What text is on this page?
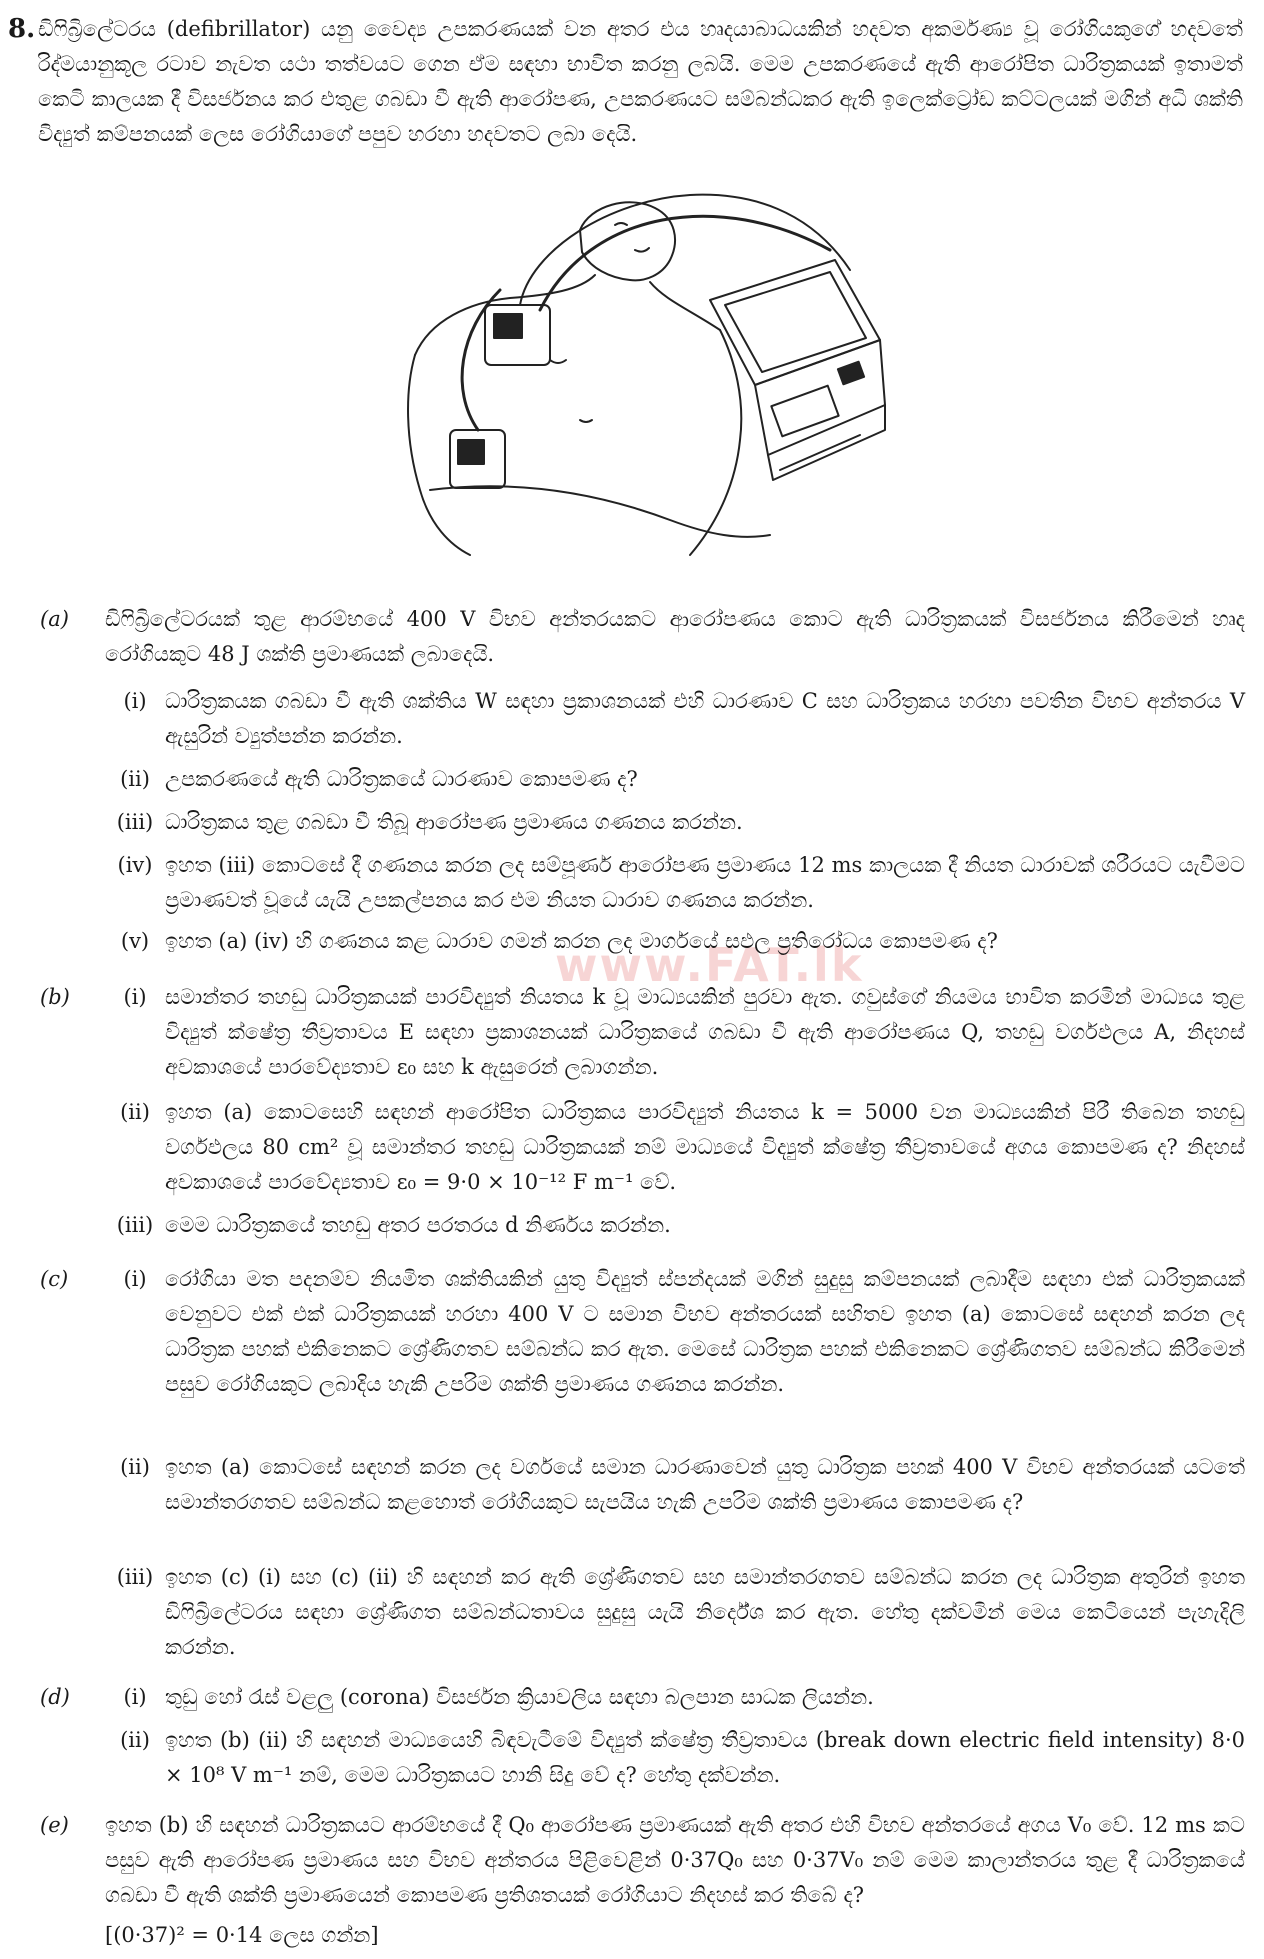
8. ඩිෆිබ්‍රිලේටරය (defibrillator) යනු වෛද්‍ය උපකරණයක් වන අතර එය හෘදයාබාධයකින් හදවත අකර්මණ්‍ය වූ රෝගියකුගේ හදවතේ රිද්මයානුකූල රටාව නැවත යථා තත්වයට ගෙන ඒම සඳහා භාවිත කරනු ලබයි. මෙම උපකරණයේ ඇති ආරෝපිත ධාරිත්‍රකයක් ඉතාමත් කෙටි කාලයක දී විසර්ජනය කර එතුළ ගබඩා වී ඇති ආරෝපණ, උපකරණයට සම්බන්ධකර ඇති ඉලෙක්ට්‍රෝඩ කට්ටලයක් මගින් අධි ශක්ති විද්‍යුත් කම්පනයක් ලෙස රෝගියාගේ පපුව හරහා හදවතට ලබා දෙයි.
www.FAT.lk
(a) ඩිෆිබ්‍රිලේටරයක් තුළ ආරම්භයේ 400 V විභව අන්තරයකට ආරෝපණය කොට ඇති ධාරිත්‍රකයක් විසර්ජනය කිරීමෙන් හෘද රෝගියකුට 48 J ශක්ති ප්‍රමාණයක් ලබාදෙයි.
(i) ධාරිත්‍රකයක ගබඩා වී ඇති ශක්තිය W සඳහා ප්‍රකාශනයක් එහි ධාරණාව C සහ ධාරිත්‍රකය හරහා පවතින විභව අන්තරය V ඇසුරින් ව්‍යුත්පන්න කරන්න.
(ii) උපකරණයේ ඇති ධාරිත්‍රකයේ ධාරණාව කොපමණ ද?
(iii) ධාරිත්‍රකය තුළ ගබඩා වී තිබූ ආරෝපණ ප්‍රමාණය ගණනය කරන්න.
(iv) ඉහත (iii) කොටසේ දී ගණනය කරන ලද සම්පූර්ණ ආරෝපණ ප්‍රමාණය 12 ms කාලයක දී නියත ධාරාවක් ශරීරයට යැවීමට ප්‍රමාණවත් වූයේ යැයි උපකල්පනය කර එම නියත ධාරාව ගණනය කරන්න.
(v) ඉහත (a) (iv) හි ගණනය කළ ධාරාව ගමන් කරන ලද මාර්ගයේ සඵල ප්‍රතිරෝධය කොපමණ ද?
(b)	(i) සමාන්තර තහඩු ධාරිත්‍රකයක් පාරවිද්‍යුත් නියතය k වූ මාධ්‍යයකින් පුරවා ඇත. ගවුස්ගේ නියමය භාවිත කරමින් මාධ්‍යය තුළ විද්‍යුත් ක්ෂේත්‍ර තීව්‍රතාවය E සඳහා ප්‍රකාශනයක් ධාරිත්‍රකයේ ගබඩා වී ඇති ආරෝපණය Q, තහඩු වර්ගඵලය A, නිදහස් අවකාශයේ පාරවේද්‍යතාව ε₀ සහ k ඇසුරෙන් ලබාගන්න.
(ii) ඉහත (a) කොටසෙහි සඳහන් ආරෝපිත ධාරිත්‍රකය පාරවිද්‍යුත් නියතය k = 5000 වන මාධ්‍යයකින් පිරී තිබෙන තහඩු වර්ගඵලය 80 cm² වූ සමාන්තර තහඩු ධාරිත්‍රකයක් නම් මාධ්‍යයේ විද්‍යුත් ක්ෂේත්‍ර තීව්‍රතාවයේ අගය කොපමණ ද? නිදහස් අවකාශයේ පාරවේද්‍යතාව ε₀ = 9·0 × 10⁻¹² F m⁻¹ වේ.
(iii) මෙම ධාරිත්‍රකයේ තහඩු අතර පරතරය d නිර්ණය කරන්න.
(c)	(i) රෝගියා මත පදනම්ව නියමිත ශක්තියකින් යුතු විද්‍යුත් ස්පන්දයක් මගින් සුදුසු කම්පනයක් ලබාදීම සඳහා එක් ධාරිත්‍රකයක් වෙනුවට එක් එක් ධාරිත්‍රකයක් හරහා 400 V ට සමාන විභව අන්තරයක් සහිතව ඉහත (a) කොටසේ සඳහන් කරන ලද ධාරිත්‍රක පහක් එකිනෙකට ශ්‍රේණිගතව සම්බන්ධ කර ඇත. මෙසේ ධාරිත්‍රක පහක් එකිනෙකට ශ්‍රේණිගතව සම්බන්ධ කිරීමෙන් පසුව රෝගියකුට ලබාදිය හැකි උපරිම ශක්ති ප්‍රමාණය ගණනය කරන්න.
(ii) ඉහත (a) කොටසේ සඳහන් කරන ලද වර්ගයේ සමාන ධාරණාවෙන් යුතු ධාරිත්‍රක පහක් 400 V විභව අන්තරයක් යටතේ සමාන්තරගතව සම්බන්ධ කළහොත් රෝගියකුට සැපයිය හැකි උපරිම ශක්ති ප්‍රමාණය කොපමණ ද?
(iii) ඉහත (c) (i) සහ (c) (ii) හි සඳහන් කර ඇති ශ්‍රේණිගතව සහ සමාන්තරගතව සම්බන්ධ කරන ලද ධාරිත්‍රක අතුරින් ඉහත ඩිෆිබ්‍රිලේටරය සඳහා ශ්‍රේණිගත සම්බන්ධතාවය සුදුසු යැයි නිර්දේශ කර ඇත. හේතු දක්වමින් මෙය කෙටියෙන් පැහැදිලි කරන්න.
(d)	(i) තුඩු හෝ රැස් වළලු (corona) විසර්ජන ක්‍රියාවලිය සඳහා බලපාන සාධක ලියන්න.
(ii) ඉහත (b) (ii) හි සඳහන් මාධ්‍යයෙහි බිඳවැටීමේ විද්‍යුත් ක්ෂේත්‍ර තීව්‍රතාවය (break down electric field intensity) 8·0 × 10⁸ V m⁻¹ නම්, මෙම ධාරිත්‍රකයට හානි සිදු වේ ද? හේතු දක්වන්න.
(e) ඉහත (b) හි සඳහන් ධාරිත්‍රකයට ආරම්භයේ දී Q₀ ආරෝපණ ප්‍රමාණයක් ඇති අතර එහි විභව අන්තරයේ අගය V₀ වේ. 12 ms කට පසුව ඇති ආරෝපණ ප්‍රමාණය සහ විභව අන්තරය පිළිවෙළින් 0·37Q₀ සහ 0·37V₀ නම් මෙම කාලාන්තරය තුළ දී ධාරිත්‍රකයේ ගබඩා වී ඇති ශක්ති ප්‍රමාණයෙන් කොපමණ ප්‍රතිශතයක් රෝගියාට නිදහස් කර තිබේ ද?
[(0·37)² = 0·14 ලෙස ගන්න]
